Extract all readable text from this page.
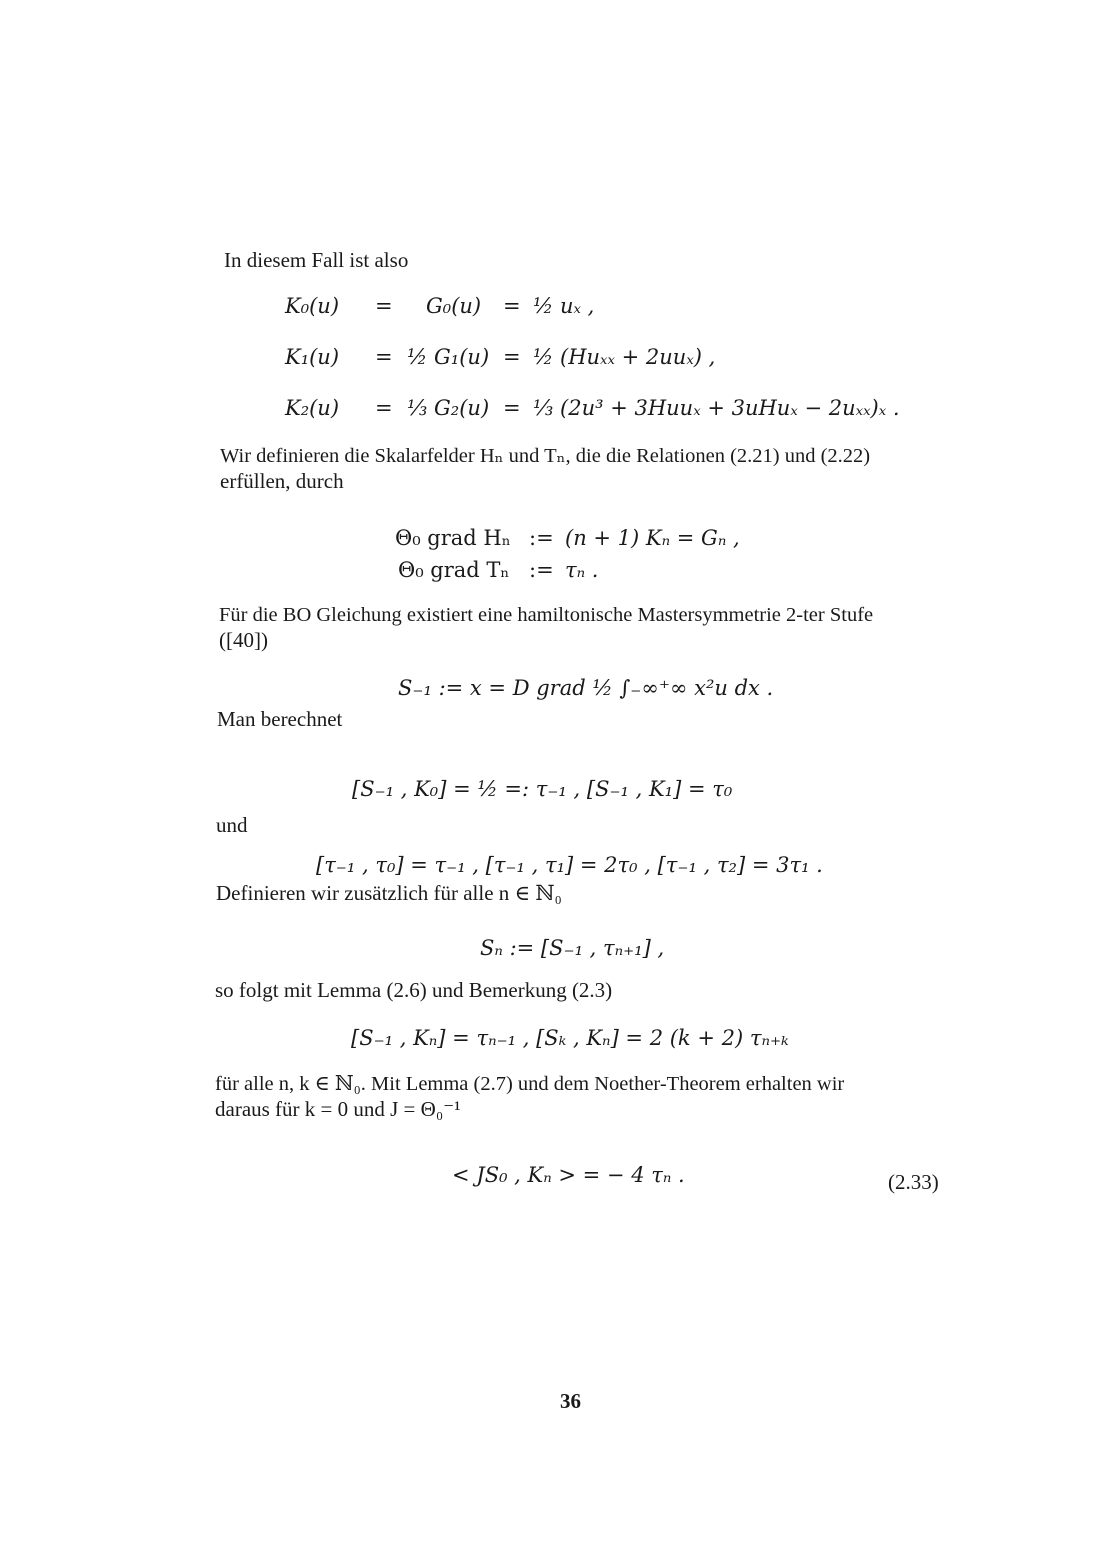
In diesem Fall ist also
K₀(u) = G₀(u) = ½ uₓ ,
K₁(u) = ½ G₁(u) = ½ (Huₓₓ + 2uuₓ) ,
K₂(u) = ⅓ G₂(u) = ⅓ (2u³ + 3Huuₓ + 3uHuₓ − 2uₓₓ)ₓ .
Wir definieren die Skalarfelder Hₙ und Tₙ, die die Relationen (2.21) und (2.22)
erfüllen, durch
Θ₀ grad Hₙ := (n + 1) Kₙ = Gₙ ,
Θ₀ grad Tₙ := τₙ .
Für die BO Gleichung existiert eine hamiltonische Mastersymmetrie 2-ter Stufe
([40])
S₋₁ := x = D grad ½ ∫₋∞⁺∞ x²u dx .
Man berechnet
[S₋₁ , K₀] = ½ =: τ₋₁ , [S₋₁ , K₁] = τ₀
und
[τ₋₁ , τ₀] = τ₋₁ , [τ₋₁ , τ₁] = 2τ₀ , [τ₋₁ , τ₂] = 3τ₁ .
Definieren wir zusätzlich für alle n ∈ ℕ₀
Sₙ := [S₋₁ , τₙ₊₁] ,
so folgt mit Lemma (2.6) und Bemerkung (2.3)
[S₋₁ , Kₙ] = τₙ₋₁ , [Sₖ , Kₙ] = 2 (k + 2) τₙ₊ₖ
für alle n, k ∈ ℕ₀. Mit Lemma (2.7) und dem Noether-Theorem erhalten wir
daraus für k = 0 und J = Θ₀⁻¹
< JS₀ , Kₙ > = − 4 τₙ .	(2.33)
36
